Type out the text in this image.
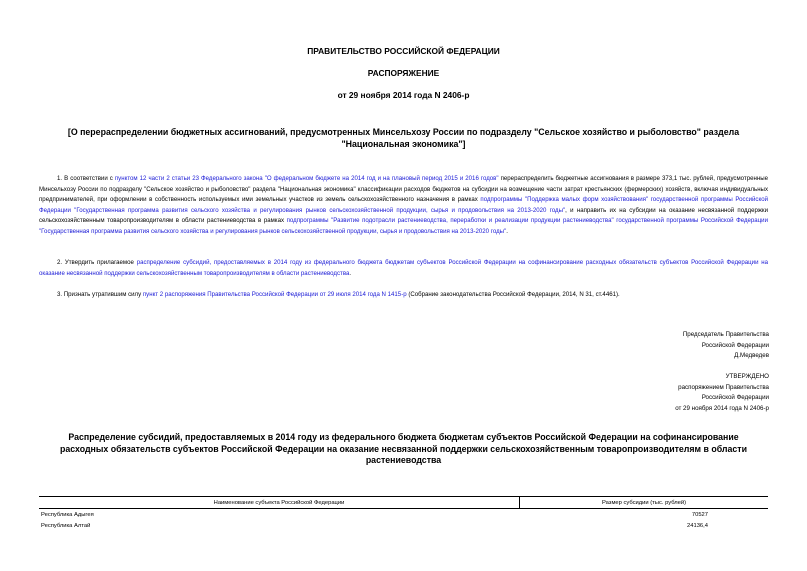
ПРАВИТЕЛЬСТВО РОССИЙСКОЙ ФЕДЕРАЦИИ
РАСПОРЯЖЕНИЕ
от 29 ноября 2014 года N 2406-р
[О перераспределении бюджетных ассигнований, предусмотренных Минсельхозу России по подразделу "Сельское хозяйство и рыболовство" раздела
"Национальная экономика"]
1. В соответствии с пунктом 12 части 2 статьи 23 Федерального закона "О федеральном бюджете на 2014 год и на плановый период 2015 и 2016 годов" перераспределить бюджетные ассигнования в размере 373,1 тыс. рублей, предусмотренные Минсельхозу России по подразделу "Сельское хозяйство и рыболовство" раздела "Национальная экономика" классификации расходов бюджетов на субсидии на возмещение части затрат крестьянских (фермерских) хозяйств, включая индивидуальных предпринимателей, при оформлении в собственность используемых ими земельных участков из земель сельскохозяйственного назначения в рамках подпрограммы "Поддержка малых форм хозяйствования" государственной программы Российской Федерации "Государственная программа развития сельского хозяйства и регулирования рынков сельскохозяйственной продукции, сырья и продовольствия на 2013-2020 годы", и направить их на субсидии на оказание несвязанной поддержки сельскохозяйственным товаропроизводителям в области растениеводства в рамках подпрограммы "Развитие подотрасли растениеводства, переработки и реализации продукции растениеводства" государственной программы Российской Федерации "Государственная программа развития сельского хозяйства и регулирования рынков сельскохозяйственной продукции, сырья и продовольствия на 2013-2020 годы".
2. Утвердить прилагаемое распределение субсидий, предоставляемых в 2014 году из федерального бюджета бюджетам субъектов Российской Федерации на софинансирование расходных обязательств субъектов Российской Федерации на оказание несвязанной поддержки сельскохозяйственным товаропроизводителям в области растениеводства.
3. Признать утратившим силу пункт 2 распоряжения Правительства Российской Федерации от 29 июля 2014 года N 1415-р (Собрание законодательства Российской Федерации, 2014, N 31, ст.4461).
Председатель Правительства
Российской Федерации
Д.Медведев
УТВЕРЖДЕНО
распоряжением Правительства
Российской Федерации
от 29 ноября 2014 года N 2406-р
Распределение субсидий, предоставляемых в 2014 году из федерального бюджета бюджетам субъектов Российской Федерации на софинансирование
расходных обязательств субъектов Российской Федерации на оказание несвязанной поддержки сельскохозяйственным товаропроизводителям в области
растениеводства
Наименование субъекта Российской Федерации	Размер субсидии (тыс. рублей)
Республика Адыгея	70527
Республика Алтай	24136,4
